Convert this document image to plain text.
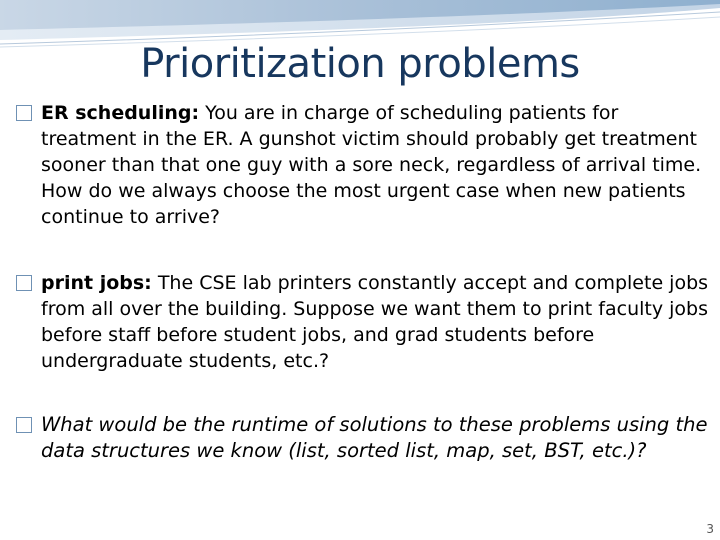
Prioritization problems
ER scheduling: You are in charge of scheduling patients for treatment in the ER. A gunshot victim should probably get treatment sooner than that one guy with a sore neck, regardless of arrival time. How do we always choose the most urgent case when new patients continue to arrive?
print jobs: The CSE lab printers constantly accept and complete jobs from all over the building. Suppose we want them to print faculty jobs before staff before student jobs, and grad students before undergraduate students, etc.?
What would be the runtime of solutions to these problems using the data structures we know (list, sorted list, map, set, BST, etc.)?
3
